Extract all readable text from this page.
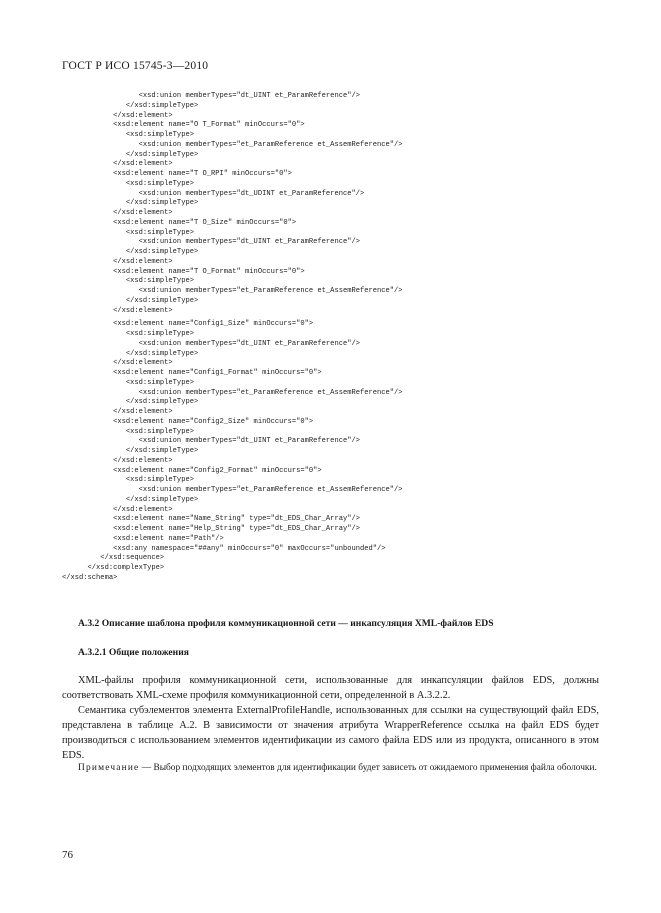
ГОСТ Р ИСО 15745-3—2010
<xsd:union memberTypes="dt_UINT et_ParamReference"/>
</xsd:simpleType>
</xsd:element>
<xsd:element name="O T_Format" minOccurs="0">
<xsd:simpleType>
<xsd:union memberTypes="et_ParamReference et_AssemReference"/>
</xsd:simpleType>
</xsd:element>
<xsd:element name="T O_RPI" minOccurs="0">
<xsd:simpleType>
<xsd:union memberTypes="dt_UDINT et_ParamReference"/>
</xsd:simpleType>
</xsd:element>
<xsd:element name="T O_Size" minOccurs="0">
<xsd:simpleType>
<xsd:union memberTypes="dt_UINT et_ParamReference"/>
</xsd:simpleType>
</xsd:element>
<xsd:element name="T O_Format" minOccurs="0">
<xsd:simpleType>
<xsd:union memberTypes="et_ParamReference et_AssemReference"/>
</xsd:simpleType>
</xsd:element>
<xsd:element name="Config1_Size" minOccurs="0">
<xsd:simpleType>
<xsd:union memberTypes="dt_UINT et_ParamReference"/>
</xsd:simpleType>
</xsd:element>
<xsd:element name="Config1_Format" minOccurs="0">
<xsd:simpleType>
<xsd:union memberTypes="et_ParamReference et_AssemReference"/>
</xsd:simpleType>
</xsd:element>
<xsd:element name="Config2_Size" minOccurs="0">
<xsd:simpleType>
<xsd:union memberTypes="dt_UINT et_ParamReference"/>
</xsd:simpleType>
</xsd:element>
<xsd:element name="Config2_Format" minOccurs="0">
<xsd:simpleType>
<xsd:union memberTypes="et_ParamReference et_AssemReference"/>
</xsd:simpleType>
</xsd:element>
<xsd:element name="Name_String" type="dt_EDS_Char_Array"/>
<xsd:element name="Help_String" type="dt_EDS_Char_Array"/>
<xsd:element name="Path"/>
<xsd:any namespace="##any" minOccurs="0" maxOccurs="unbounded"/>
</xsd:sequence>
</xsd:complexType>
</xsd:schema>
А.3.2 Описание шаблона профиля коммуникационной сети — инкапсуляция XML-файлов EDS
А.3.2.1 Общие положения

XML-файлы профиля коммуникационной сети, использованные для инкапсуляции файлов EDS, должны соответствовать XML-схеме профиля коммуникационной сети, определенной в А.3.2.2.

Семантика субэлементов элемента ExternalProfileHandle, использованных для ссылки на существующий файл EDS, представлена в таблице А.2. В зависимости от значения атрибута WrapperReference ссылка на файл EDS будет производиться с использованием элементов идентификации из самого файла EDS или из продукта, описанного в этом EDS.

Примечание — Выбор подходящих элементов для идентификации будет зависеть от ожидаемого применения файла оболочки.

76
